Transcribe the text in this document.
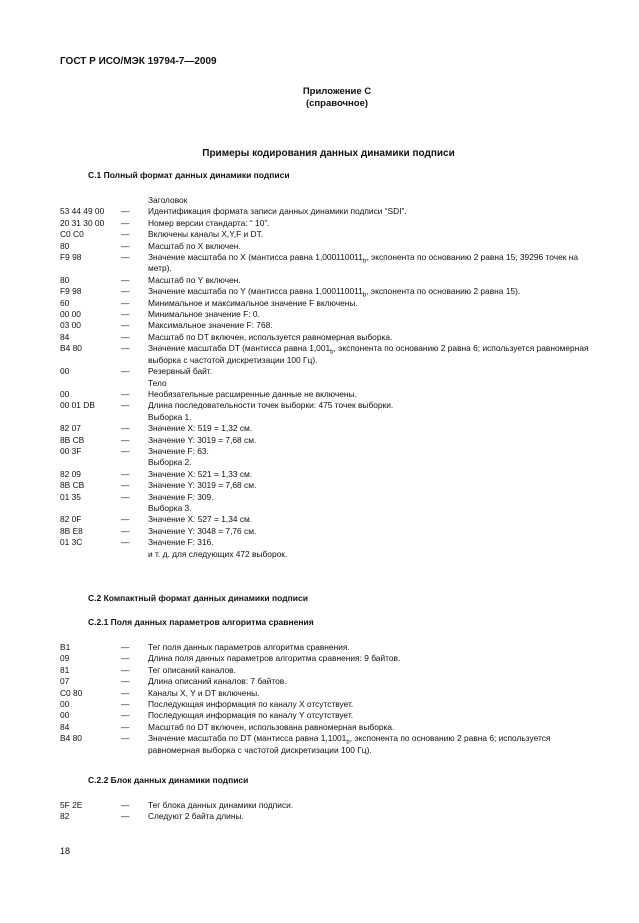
ГОСТ Р ИСО/МЭК 19794-7—2009
Приложение С
(справочное)
Примеры кодирования данных динамики подписи
С.1 Полный формат данных динамики подписи
Заголовок
53 44 49 00 — Идентификация формата записи данных динамики подписи “SDI”.
20 31 30 00 — Номер версии стандарта: “ 10”.
С0 С0	— Включены каналы X,Y,F и DT.
80	— Масштаб по X включен.
F9 98	— Значение масштаба по X (мантисса равна $1,000110011_b$, экспонента по основанию 2 равна 15; 39296 точек на метр).
80	— Масштаб по Y включен.
F9 98	— Значение масштаба по Y (мантисса равна $1,000110011_b$, экспонента по основанию 2 равна 15).
60	— Минимальное и максимальное значение F включены.
00 00	— Минимальное значение F: 0.
03 00	— Максимальное значение F: 768.
84	— Масштаб по DT включен, используется равномерная выборка.
В4 80	— Значение масштаба DT (мантисса равна $1,001_b$, экспонента по основанию 2 равна 6; используется равномерная выборка с частотой дискретизации 100 Гц).
00	— Резервный байт.
Тело
00	— Необязательные расширенные данные не включены.
00 01 DB	— Длина последовательности точек выборки: 475 точек выборки.
Выборка 1.
82 07	— Значение X: 519 = 1,32 см.
8B CB	— Значение Y: 3019 = 7,68 см.
00 3F	— Значение F: 63.
Выборка 2.
82 09	— Значение X: 521 = 1,33 см.
8B CB	— Значение Y: 3019 = 7,68 см.
01 35	— Значение F: 309.
Выборка 3.
82 0F	— Значение X: 527 = 1,34 см.
8B E8	— Значение Y: 3048 = 7,76 см.
01 3C	— Значение F: 316.
и т. д. для следующих 472 выборок.
С.2 Компактный формат данных динамики подписи
С.2.1 Поля данных параметров алгоритма сравнения
В1	— Тег поля данных параметров алгоритма сравнения.
09	— Длина поля данных параметров алгоритма сравнения: 9 байтов.
81	— Тег описаний каналов.
07	— Длина описаний каналов: 7 байтов.
С0 80	— Каналы X, Y и DT включены.
00	— Последующая информация по каналу X отсутствует.
00	— Последующая информация по каналу Y отсутствует.
84	— Масштаб по DT включен, использована равномерная выборка.
В4 80	— Значение масштаба по DT (мантисса равна $1,1001_b$, экспонента по основанию 2 равна 6; используется равномерная выборка с частотой дискретизации 100 Гц).
С.2.2 Блок данных динамики подписи
5F 2E	— Тег блока данных динамики подписи.
82	— Следуют 2 байта длины.
18
